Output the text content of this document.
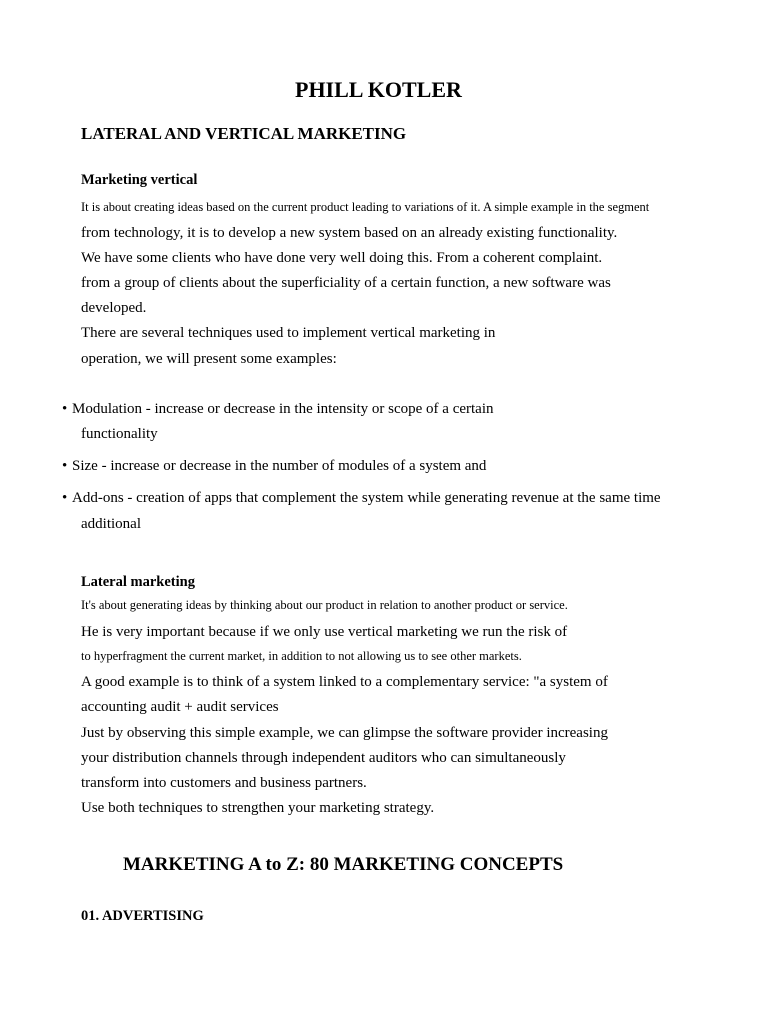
PHILL KOTLER
LATERAL AND VERTICAL MARKETING
Marketing vertical
It is about creating ideas based on the current product leading to variations of it. A simple example in the segment
from technology, it is to develop a new system based on an already existing functionality.
We have some clients who have done very well doing this. From a coherent complaint.
from a group of clients about the superficiality of a certain function, a new software was
developed.
There are several techniques used to implement vertical marketing in
operation, we will present some examples:
• Modulation - increase or decrease in the intensity or scope of a certain
functionality
• Size - increase or decrease in the number of modules of a system and
• Add-ons - creation of apps that complement the system while generating revenue at the same time
additional
Lateral marketing
It's about generating ideas by thinking about our product in relation to another product or service.
He is very important because if we only use vertical marketing we run the risk of
to hyperfragment the current market, in addition to not allowing us to see other markets.
A good example is to think of a system linked to a complementary service: "a system of
accounting audit + audit services
Just by observing this simple example, we can glimpse the software provider increasing
your distribution channels through independent auditors who can simultaneously
transform into customers and business partners.
Use both techniques to strengthen your marketing strategy.
MARKETING A to Z: 80 MARKETING CONCEPTS
01. ADVERTISING
